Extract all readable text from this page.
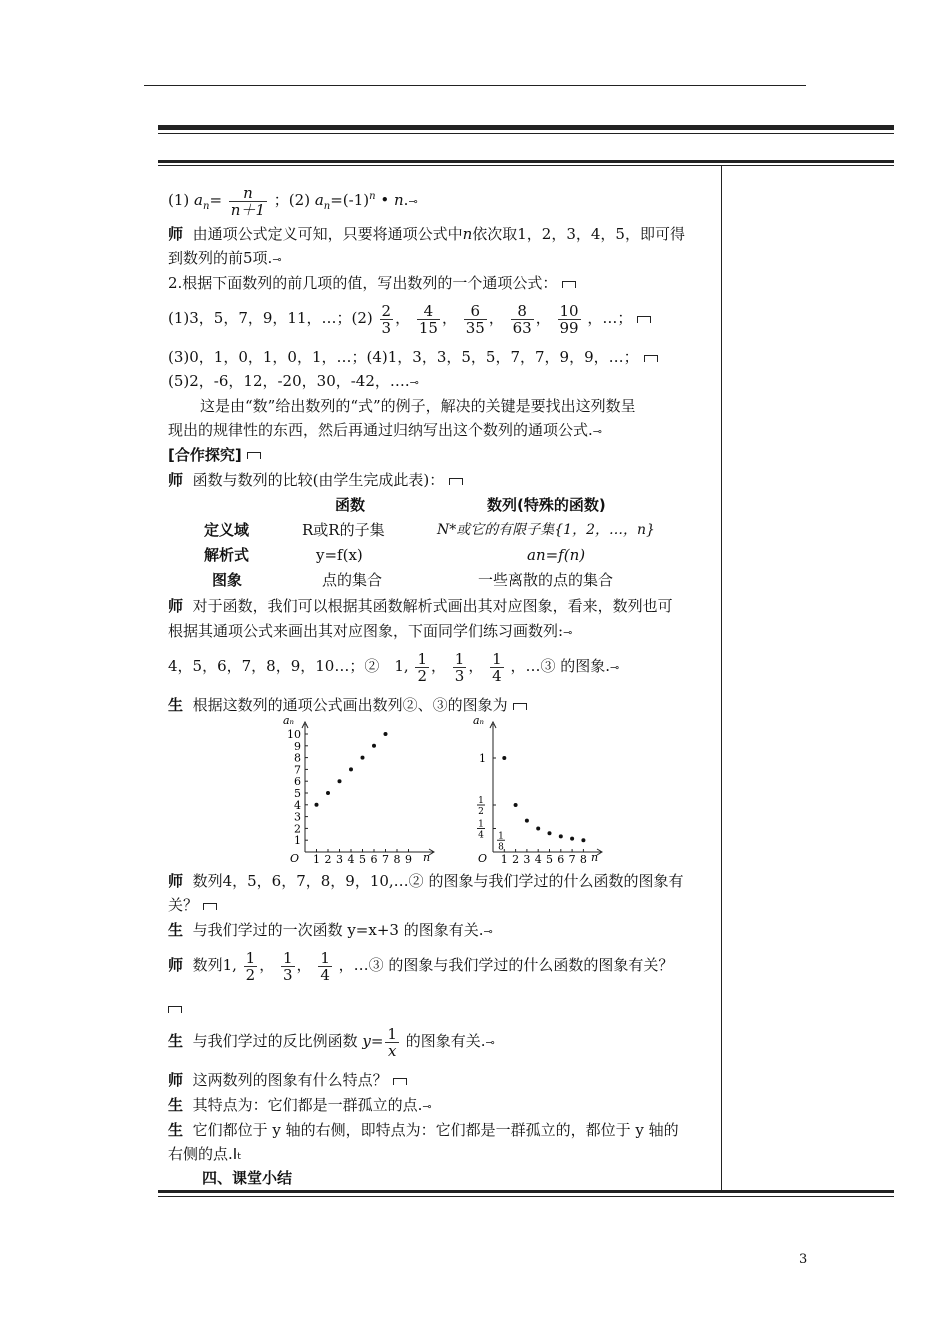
(1) $a_n= \frac{n}{n+1}$ ；(2) $a_n=(-1)^n$ • n.⊸
师 由通项公式定义可知，只要将通项公式中n依次取1，2，3，4，5，即可得
到数列的前5项.⊸
2.根据下面数列的前几项的值，写出数列的一个通项公式：
(1)3，5，7，9，11，…；$(2) \frac{2}{3}$ ， $\frac{4}{15}$ ， $\frac{6}{35}$ ， $\frac{8}{63}$ ， $\frac{10}{99}$ ，…；
(3)0，1，0，1，0，1，…；(4)1，3，3，5，5，7，7，9，9，…；
(5)2，-6，12，-20，30，-42，….⊸
这是由“数”给出数列的“式”的例子，解决的关键是要找出这列数呈
现出的规律性的东西，然后再通过归纳写出这个数列的通项公式.⊸
[合作探究]
师 函数与数列的比较(由学生完成此表)：
函数	数列(特殊的函数)
定义域	R或R的子集	N*或它的有限子集{1，2，…，n}
解析式	y=f(x)	an=f(n)
图象	点的集合	一些离散的点的集合
师 对于函数，我们可以根据其函数解析式画出其对应图象，看来，数列也可
根据其通项公式来画出其对应图象，下面同学们练习画数列:⊸
4，5，6，7，8，9，10…；②　1, $\frac{1}{2}$ ， $\frac{1}{3}$ ， $\frac{1}{4}$ ，…③ 的图象.⊸
生 根据这数列的通项公式画出数列②、③的图象为
aₙ
n
O
1
2
3
4
5
6
7
8
9
10
1 2 3 4 5 6 7 8 9
aₙ
n
O
1
1
2
1
4 1
8
1 2 3 4 5 6 7 8
师 数列4，5，6，7，8，9，10,…② 的图象与我们学过的什么函数的图象有
关？
生 与我们学过的一次函数 y=x+3 的图象有关.⊸
师 数列1, $\frac{1}{2}$ ， $\frac{1}{3}$ ， $\frac{1}{4}$ ，…③ 的图象与我们学过的什么函数的图象有关？
生 与我们学过的反比例函数 $y= \frac{1}{x}$ 的图象有关.⊸
师 这两数列的图象有什么特点？
生 其特点为：它们都是一群孤立的点.⊸
生 它们都位于 y 轴的右侧，即特点为：它们都是一群孤立的，都位于 y 轴的
右侧的点.Iₜ
四、课堂小结
3
